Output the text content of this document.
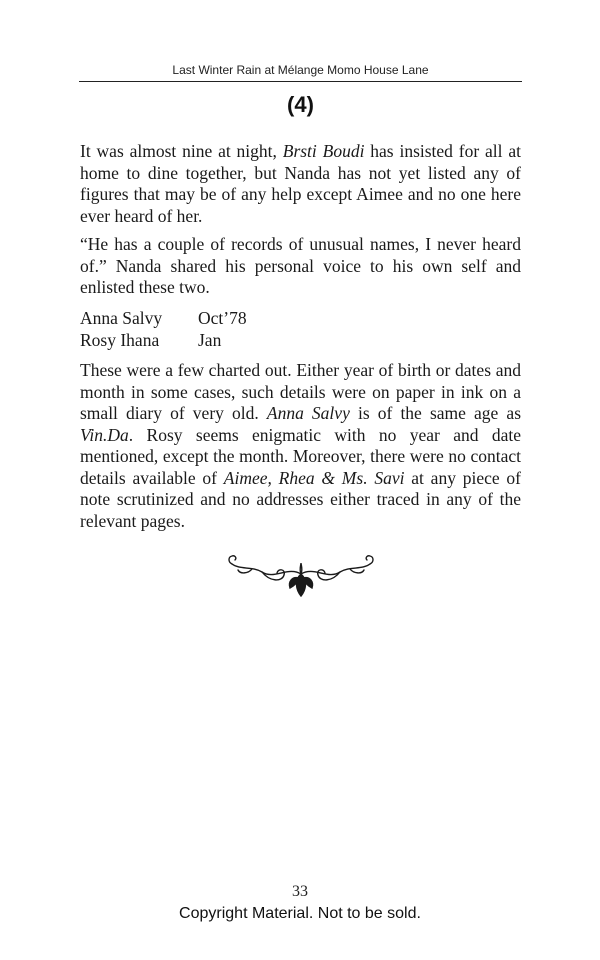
Last Winter Rain at Mélange Momo House Lane
(4)

It was almost nine at night, Brsti Boudi has insisted for all at home to dine together, but Nanda has not yet listed any of figures that may be of any help except Aimee and no one here ever heard of her.

“He has a couple of records of unusual names, I never heard of.” Nanda shared his personal voice to his own self and enlisted these two.

Anna Salvy	Oct’78
Rosy Ihana	Jan

These were a few charted out. Either year of birth or dates and month in some cases, such details were on paper in ink on a small diary of very old. Anna Salvy is of the same age as Vin.Da. Rosy seems enigmatic with no year and date mentioned, except the month. Moreover, there were no contact details available of Aimee, Rhea & Ms. Savi at any piece of note scrutinized and no addresses either traced in any of the relevant pages.

33
Copyright Material. Not to be sold.
